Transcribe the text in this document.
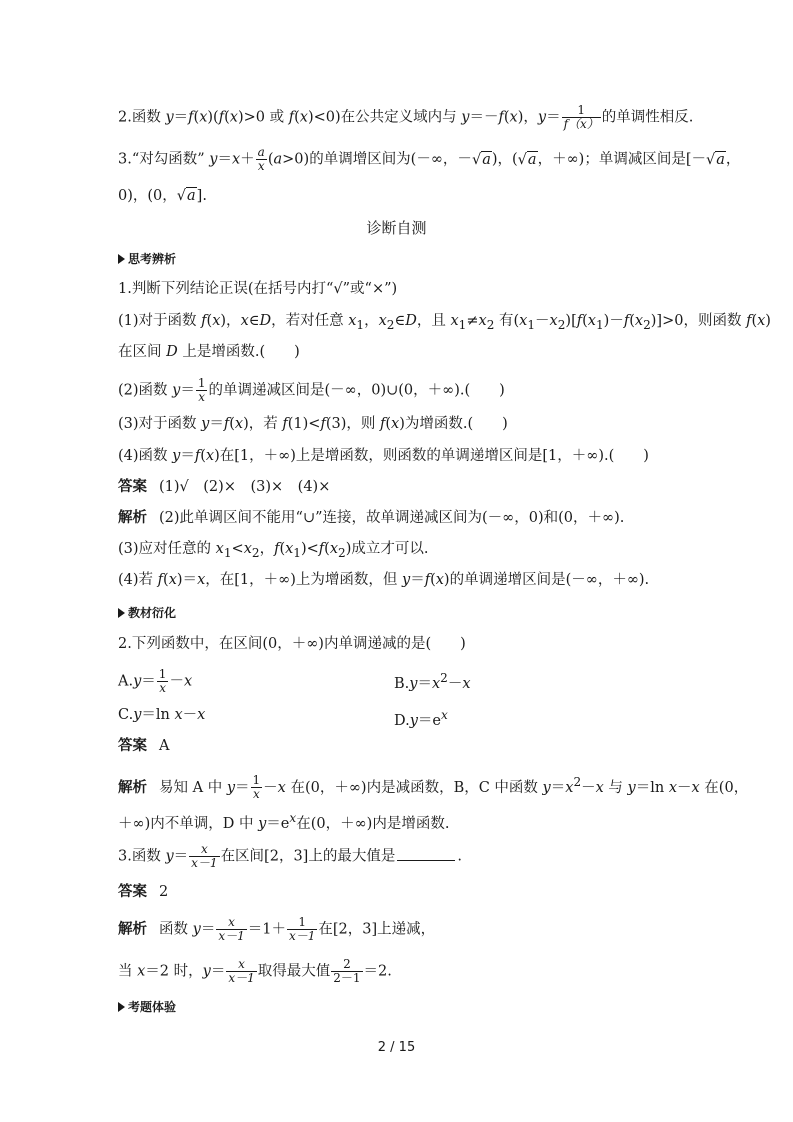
2.函数 y＝f(x)(f(x)>0 或 f(x)<0)在公共定义域内与 y＝－f(x)，$y= \frac{1}{f(x)}$ 的单调性相反.
3.“对勾函数” $y=x+ \frac{a}{x} (a>0)$的单调增区间为(－∞，－√a)，(√a，＋∞)；单调减区间是[－√a，
0)，(0，√a].
诊断自测
思考辨析
1.判断下列结论正误(在括号内打“√”或“×”)
(1)对于函数 f(x)，x∈D，若对任意 $x_1$，$x_2\in D$，且 $x_1\ne x_2$ 有$(x_1-x_2)[f(x_1)-f(x_2)]>0$，则函数 f(x)
在区间 D 上是增函数.(　　)
(2)函数 $y= \frac{1}{x}$ 的单调递减区间是(－∞，0)∪(0，＋∞).(　　)
(3)对于函数 y＝f(x)，若 f(1)<f(3)，则 f(x)为增函数.(　　)
(4)函数 y＝f(x)在[1，＋∞)上是增函数，则函数的单调递增区间是[1，＋∞).(　　)
答案 (1)√　(2)×　(3)×　(4)×
解析 (2)此单调区间不能用“∪”连接，故单调递减区间为(－∞，0)和(0，＋∞).
(3)应对任意的 $x_1<x_2$，$f(x_1)<f(x_2)$成立才可以.
(4)若 f(x)＝x，在[1，＋∞)上为增函数，但 y＝f(x)的单调递增区间是(－∞，＋∞).
教材衍化
2.下列函数中，在区间(0，＋∞)内单调递减的是(　　)
$A.y= \frac{1}{x} -x$	$B.y=x^2-x$
C.y＝ln x－x	$D.y=e^x$
答案 A
解析 易知 A 中 $y= \frac{1}{x} -x$ 在(0，＋∞)内是减函数，B，C 中函数 $y=x^2-x$ 与 y＝ln x－x 在(0，
＋∞)内不单调，D 中 $y=e^x$在(0，＋∞)内是增函数.
3.函数 $y= \frac{x}{x-1}$ 在区间[2，3]上的最大值是	.
答案 2
解析 函数 $y= \frac{x}{x-1} =1+ \frac{1}{x-1}$ 在[2，3]上递减，
当 x＝2 时，$y= \frac{x}{x-1}$ 取得最大值 $\frac{2}{2-1} =2$.
考题体验
2 / 15
